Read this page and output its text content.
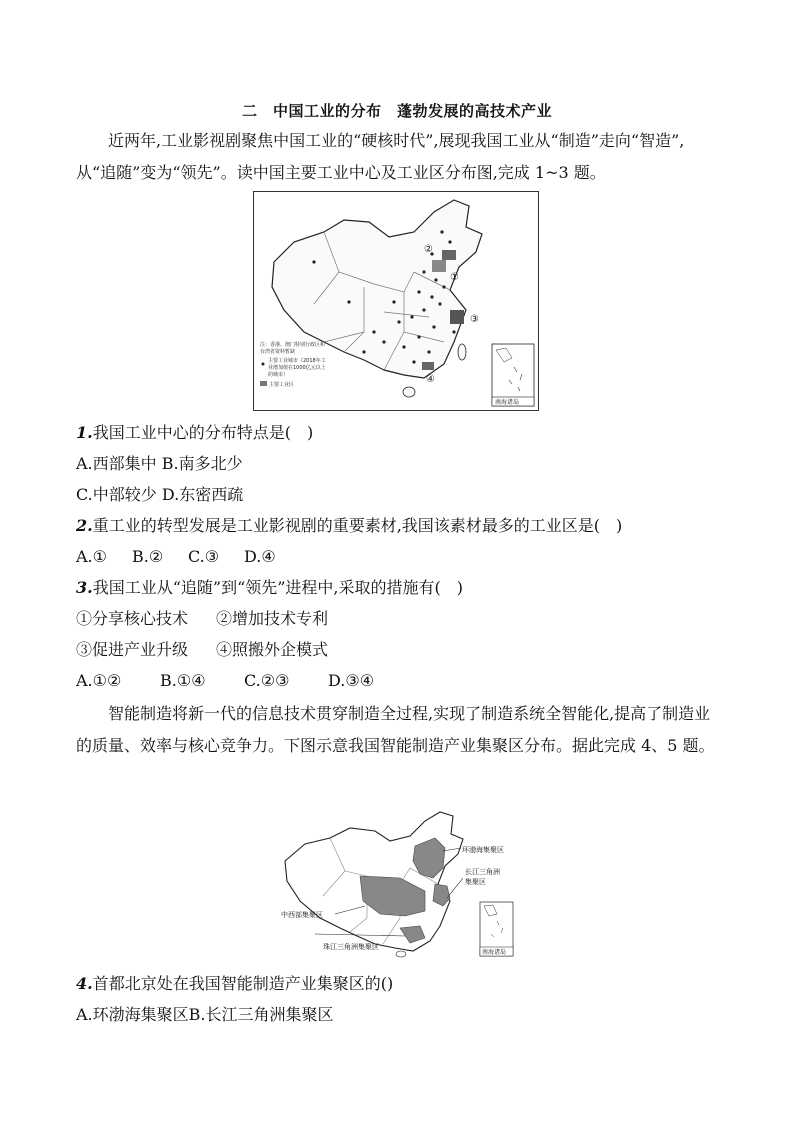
二　中国工业的分布　蓬勃发展的高技术产业
近两年,工业影视剧聚焦中国工业的“硬核时代”,展现我国工业从“制造”走向“智造”,从“追随”变为“领先”。读中国主要工业中心及工业区分布图,完成 1~3 题。
①
②
③
④
注：香港、澳门特别行政区和
台湾省资料暂缺
主要工业城市（2018年工
业增加值在1000亿元以上
的城市）
主要工业区
南海诸岛
1.我国工业中心的分布特点是(　)
A.西部集中 B.南多北少
C.中部较少 D.东密西疏
2.重工业的转型发展是工业影视剧的重要素材,我国该素材最多的工业区是(　)
A.① B.② C.③ D.④
3.我国工业从“追随”到“领先”进程中,采取的措施有(　)
①分享核心技术 ②增加技术专利
③促进产业升级 ④照搬外企模式
A.①② B.①④ C.②③ D.③④
智能制造将新一代的信息技术贯穿制造全过程,实现了制造系统全智能化,提高了制造业的质量、效率与核心竞争力。下图示意我国智能制造产业集聚区分布。据此完成 4、5 题。
环渤海集聚区
长江三角洲
集聚区
中西部集聚区
珠江三角洲集聚区
南海诸岛
4.首都北京处在我国智能制造产业集聚区的()
A.环渤海集聚区B.长江三角洲集聚区
